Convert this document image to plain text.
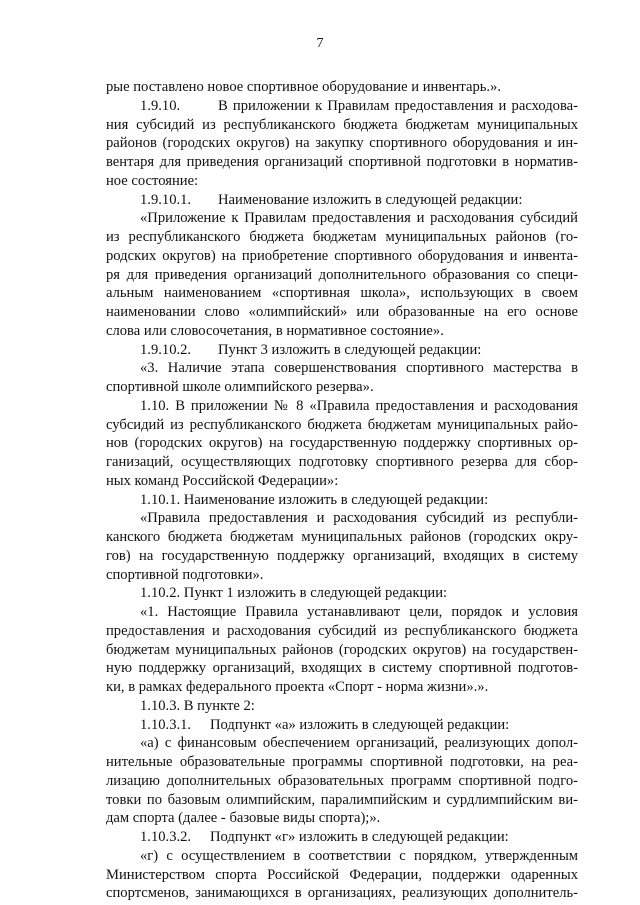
7
рые поставлено новое спортивное оборудование и инвентарь.».
1.9.10.	В приложении к Правилам предоставления и расходова-
ния субсидий из республиканского бюджета бюджетам муниципальных
районов (городских округов) на закупку спортивного оборудования и ин-
вентаря для приведения организаций спортивной подготовки в норматив-
ное состояние:
1.9.10.1. Наименование изложить в следующей редакции:
«Приложение к Правилам предоставления и расходования субсидий
из республиканского бюджета бюджетам муниципальных районов (го-
родских округов) на приобретение спортивного оборудования и инвента-
ря для приведения организаций дополнительного образования со специ-
альным наименованием «спортивная школа», использующих в своем
наименовании слово «олимпийский» или образованные на его основе
слова или словосочетания, в нормативное состояние».
1.9.10.2. Пункт 3 изложить в следующей редакции:
«3. Наличие этапа совершенствования спортивного мастерства в
спортивной школе олимпийского резерва».
1.10. В приложении № 8 «Правила предоставления и расходования
субсидий из республиканского бюджета бюджетам муниципальных райо-
нов (городских округов) на государственную поддержку спортивных ор-
ганизаций, осуществляющих подготовку спортивного резерва для сбор-
ных команд Российской Федерации»:
1.10.1. Наименование изложить в следующей редакции:
«Правила предоставления и расходования субсидий из республи-
канского бюджета бюджетам муниципальных районов (городских окру-
гов) на государственную поддержку организаций, входящих в систему
спортивной подготовки».
1.10.2. Пункт 1 изложить в следующей редакции:
«1. Настоящие Правила устанавливают цели, порядок и условия
предоставления и расходования субсидий из республиканского бюджета
бюджетам муниципальных районов (городских округов) на государствен-
ную поддержку организаций, входящих в систему спортивной подготов-
ки, в рамках федерального проекта «Спорт - норма жизни».».
1.10.3. В пункте 2:
1.10.3.1. Подпункт «а» изложить в следующей редакции:
«а) с финансовым обеспечением организаций, реализующих допол-
нительные образовательные программы спортивной подготовки, на реа-
лизацию дополнительных образовательных программ спортивной подго-
товки по базовым олимпийским, паралимпийским и сурдлимпийским ви-
дам спорта (далее - базовые виды спорта);».
1.10.3.2. Подпункт «г» изложить в следующей редакции:
«г) с осуществлением в соответствии с порядком, утвержденным
Министерством спорта Российской Федерации, поддержки одаренных
спортсменов, занимающихся в организациях, реализующих дополнитель-
